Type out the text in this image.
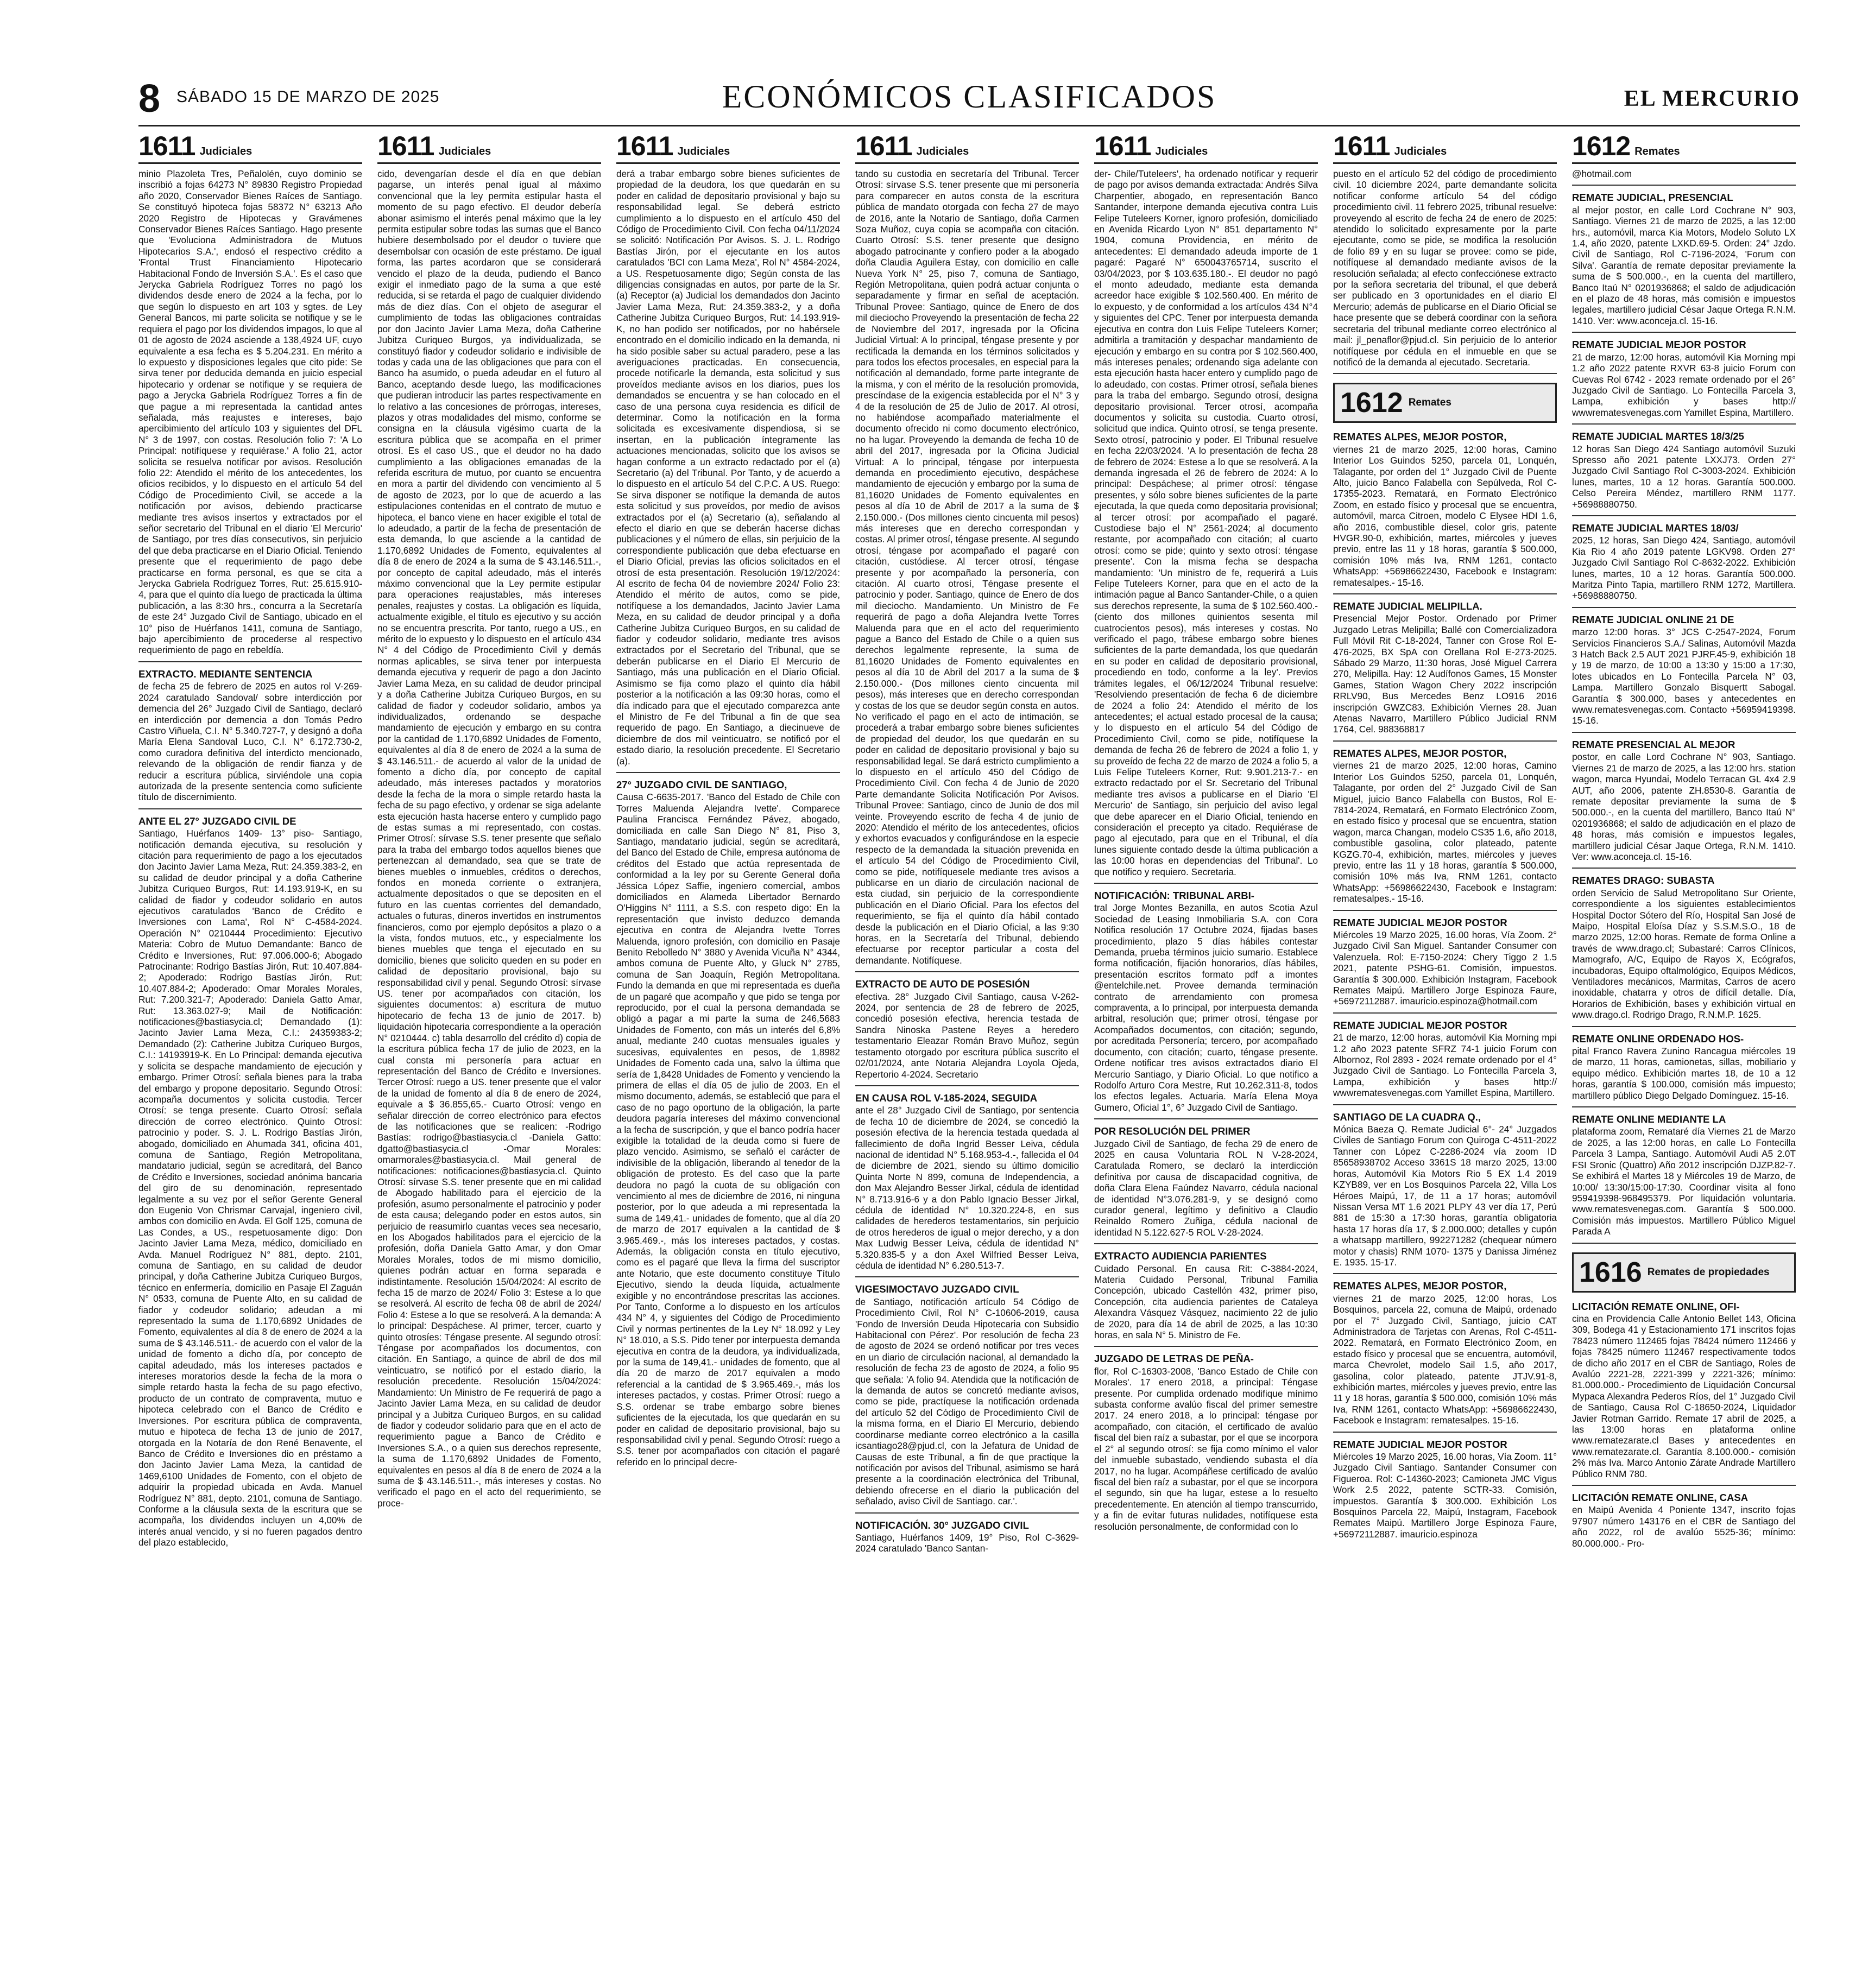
8 SÁBADO 15 DE MARZO DE 2025	ECONÓMICOS CLASIFICADOS	EL MERCURIO
1611 Judiciales
minio Plazoleta Tres, Peñalolén, cuyo dominio se inscribió a fojas 64273 N° 89830 Registro Propiedad año 2020, Conservador Bienes Raíces de Santiago. Se constituyó hipoteca fojas 58372 N° 63213 Año 2020 Registro de Hipotecas y Gravámenes Conservador Bienes Raíces Santiago. Hago presente que 'Evoluciona Administradora de Mutuos Hipotecarios S.A.', endosó el respectivo crédito a 'Frontal Trust Financiamiento Hipotecario Habitacional Fondo de Inversión S.A.'. Es el caso que Jerycka Gabriela Rodríguez Torres no pagó los dividendos desde enero de 2024 a la fecha, por lo que según lo dispuesto en art 103 y sgtes. de Ley General Bancos, mi parte solicita se notifique y se le requiera el pago por los dividendos impagos, lo que al 01 de agosto de 2024 asciende a 138,4924 UF, cuyo equivalente a esa fecha es $ 5.204.231. En mérito a lo expuesto y disposiciones legales que cito pide: Se sirva tener por deducida demanda en juicio especial hipotecario y ordenar se notifique y se requiera de pago a Jerycka Gabriela Rodríguez Torres a fin de que pague a mi representada la cantidad antes señalada, más reajustes e intereses, bajo apercibimiento del artículo 103 y siguientes del DFL N° 3 de 1997, con costas. Resolución folio 7: 'A Lo Principal: notifíquese y requiérase.' A folio 21, actor solicita se resuelva notificar por avisos. Resolución folio 22: Atendido el mérito de los antecedentes, los oficios recibidos, y lo dispuesto en el artículo 54 del Código de Procedimiento Civil, se accede a la notificación por avisos, debiendo practicarse mediante tres avisos insertos y extractados por el señor secretario del Tribunal en el diario 'El Mercurio' de Santiago, por tres días consecutivos, sin perjuicio del que deba practicarse en el Diario Oficial. Teniendo presente que el requerimiento de pago debe practicarse en forma personal, es que se cita a Jerycka Gabriela Rodríguez Torres, Rut: 25.615.910-4, para que el quinto día luego de practicada la última publicación, a las 8:30 hrs., concurra a la Secretaría de este 24° Juzgado Civil de Santiago, ubicado en el 10° piso de Huérfanos 1411, comuna de Santiago, bajo apercibimiento de procederse al respectivo requerimiento de pago en rebeldía.
EXTRACTO. MEDIANTE SENTENCIA
de fecha 25 de febrero de 2025 en autos rol V-269-2024 caratulado Sandoval/ sobre interdicción por demencia del 26° Juzgado Civil de Santiago, declaró en interdicción por demencia a don Tomás Pedro Castro Viñuela, C.I. N° 5.340.727-7, y designó a doña María Elena Sandoval Luco, C.I. N° 6.172.730-2, como curadora definitiva del interdicto mencionado, relevando de la obligación de rendir fianza y de reducir a escritura pública, sirviéndole una copia autorizada de la presente sentencia como suficiente título de discernimiento.
ANTE EL 27° JUZGADO CIVIL DE
Santiago, Huérfanos 1409- 13° piso- Santiago, notificación demanda ejecutiva, su resolución y citación para requerimiento de pago a los ejecutados don Jacinto Javier Lama Meza, Rut: 24.359.383-2, en su calidad de deudor principal y a doña Catherine Jubitza Curiqueo Burgos, Rut: 14.193.919-K, en su calidad de fiador y codeudor solidario en autos ejecutivos caratulados 'Banco de Crédito e Inversiones con Lama', Rol N° C-4584-2024. Operación N° 0210444 Procedimiento: Ejecutivo Materia: Cobro de Mutuo Demandante: Banco de Crédito e Inversiones, Rut: 97.006.000-6; Abogado Patrocinante: Rodrigo Bastías Jirón, Rut: 10.407.884-2; Apoderado: Rodrigo Bastías Jirón, Rut: 10.407.884-2; Apoderado: Omar Morales Morales, Rut: 7.200.321-7; Apoderado: Daniela Gatto Amar, Rut: 13.363.027-9; Mail de Notificación: notificaciones@bastiasycia.cl; Demandado (1): Jacinto Javier Lama Meza, C.I.: 24359383-2; Demandado (2): Catherine Jubitza Curiqueo Burgos, C.I.: 14193919-K. En Lo Principal: demanda ejecutiva y solicita se despache mandamiento de ejecución y embargo. Primer Otrosí: señala bienes para la traba del embargo y propone depositario. Segundo Otrosí: acompaña documentos y solicita custodia. Tercer Otrosí: se tenga presente. Cuarto Otrosí: señala dirección de correo electrónico. Quinto Otrosí: patrocinio y poder. S. J. L. Rodrigo Bastías Jirón, abogado, domiciliado en Ahumada 341, oficina 401, comuna de Santiago, Región Metropolitana, mandatario judicial, según se acreditará, del Banco de Crédito e Inversiones, sociedad anónima bancaria del giro de su denominación, representado legalmente a su vez por el señor Gerente General don Eugenio Von Chrismar Carvajal, ingeniero civil, ambos con domicilio en Avda. El Golf 125, comuna de Las Condes, a US., respetuosamente digo: Don Jacinto Javier Lama Meza, médico, domiciliado en Avda. Manuel Rodríguez N° 881, depto. 2101, comuna de Santiago, en su calidad de deudor principal, y doña Catherine Jubitza Curiqueo Burgos, técnico en enfermería, domicilio en Pasaje El Zaguán N° 0533, comuna de Puente Alto, en su calidad de fiador y codeudor solidario; adeudan a mi representado la suma de 1.170,6892 Unidades de Fomento, equivalentes al día 8 de enero de 2024 a la suma de $ 43.146.511.- de acuerdo con el valor de la unidad de fomento a dicho día, por concepto de capital adeudado, más los intereses pactados e intereses moratorios desde la fecha de la mora o simple retardo hasta la fecha de su pago efectivo, producto de un contrato de compraventa, mutuo e hipoteca celebrado con el Banco de Crédito e Inversiones. Por escritura pública de compraventa, mutuo e hipoteca de fecha 13 de junio de 2017, otorgada en la Notaría de don René Benavente, el Banco de Crédito e Inversiones dio en préstamo a don Jacinto Javier Lama Meza, la cantidad de 1469,6100 Unidades de Fomento, con el objeto de adquirir la propiedad ubicada en Avda. Manuel Rodríguez N° 881, depto. 2101, comuna de Santiago. Conforme a la cláusula sexta de la escritura que se acompaña, los dividendos incluyen un 4,00% de interés anual vencido, y si no fueren pagados dentro del plazo establecido,
1611 Judiciales
cido, devengarían desde el día en que debían pagarse, un interés penal igual al máximo convencional que la ley permita estipular hasta el momento de su pago efectivo. El deudor debería abonar asimismo el interés penal máximo que la ley permita estipular sobre todas las sumas que el Banco hubiere desembolsado por el deudor o tuviere que desembolsar con ocasión de este préstamo. De igual forma, las partes acordaron que se considerará vencido el plazo de la deuda, pudiendo el Banco exigir el inmediato pago de la suma a que esté reducida, si se retarda el pago de cualquier dividendo más de diez días. Con el objeto de asegurar el cumplimiento de todas las obligaciones contraídas por don Jacinto Javier Lama Meza, doña Catherine Jubitza Curiqueo Burgos, ya individualizada, se constituyó fiador y codeudor solidario e indivisible de todas y cada una de las obligaciones que para con el Banco ha asumido, o pueda adeudar en el futuro al Banco, aceptando desde luego, las modificaciones que pudieran introducir las partes respectivamente en lo relativo a las concesiones de prórrogas, intereses, plazos y otras modalidades del mismo, conforme se consigna en la cláusula vigésimo cuarta de la escritura pública que se acompaña en el primer otrosí. Es el caso US., que el deudor no ha dado cumplimiento a las obligaciones emanadas de la referida escritura de mutuo, por cuanto se encuentra en mora a partir del dividendo con vencimiento al 5 de agosto de 2023, por lo que de acuerdo a las estipulaciones contenidas en el contrato de mutuo e hipoteca, el banco viene en hacer exigible el total de lo adeudado, a partir de la fecha de presentación de esta demanda, lo que asciende a la cantidad de 1.170,6892 Unidades de Fomento, equivalentes al día 8 de enero de 2024 a la suma de $ 43.146.511.-, por concepto de capital adeudado, más el interés máximo convencional que la Ley permite estipular para operaciones reajustables, más intereses penales, reajustes y costas. La obligación es líquida, actualmente exigible, el título es ejecutivo y su acción no se encuentra prescrita. Por tanto, ruego a US., en mérito de lo expuesto y lo dispuesto en el artículo 434 N° 4 del Código de Procedimiento Civil y demás normas aplicables, se sirva tener por interpuesta demanda ejecutiva y requerir de pago a don Jacinto Javier Lama Meza, en su calidad de deudor principal y a doña Catherine Jubitza Curiqueo Burgos, en su calidad de fiador y codeudor solidario, ambos ya individualizados, ordenando se despache mandamiento de ejecución y embargo en su contra por la cantidad de 1.170,6892 Unidades de Fomento, equivalentes al día 8 de enero de 2024 a la suma de $ 43.146.511.- de acuerdo al valor de la unidad de fomento a dicho día, por concepto de capital adeudado, más intereses pactados y moratorios desde la fecha de la mora o simple retardo hasta la fecha de su pago efectivo, y ordenar se siga adelante esta ejecución hasta hacerse entero y cumplido pago de estas sumas a mi representado, con costas. Primer Otrosí: sírvase S.S. tener presente que señalo para la traba del embargo todos aquellos bienes que pertenezcan al demandado, sea que se trate de bienes muebles o inmuebles, créditos o derechos, fondos en moneda corriente o extranjera, actualmente depositados o que se depositen en el futuro en las cuentas corrientes del demandado, actuales o futuras, dineros invertidos en instrumentos financieros, como por ejemplo depósitos a plazo o a la vista, fondos mutuos, etc., y especialmente los bienes muebles que tenga el ejecutado en su domicilio, bienes que solicito queden en su poder en calidad de depositario provisional, bajo su responsabilidad civil y penal. Segundo Otrosí: sírvase US. tener por acompañados con citación, los siguientes documentos: a) escritura de mutuo hipotecario de fecha 13 de junio de 2017. b) liquidación hipotecaria correspondiente a la operación N° 0210444. c) tabla desarrollo del crédito d) copia de la escritura pública fecha 17 de julio de 2023, en la cual consta mi personería para actuar en representación del Banco de Crédito e Inversiones. Tercer Otrosí: ruego a US. tener presente que el valor de la unidad de fomento al día 8 de enero de 2024, equivale a $ 36.855,65.- Cuarto Otrosí: vengo en señalar dirección de correo electrónico para efectos de las notificaciones que se realicen: -Rodrigo Bastías: rodrigo@bastiasycia.cl -Daniela Gatto: dgatto@bastiasycia.cl -Omar Morales: omarmorales@bastiasycia.cl. Mail general de notificaciones: notificaciones@bastiasycia.cl. Quinto Otrosí: sírvase S.S. tener presente que en mi calidad de Abogado habilitado para el ejercicio de la profesión, asumo personalmente el patrocinio y poder de esta causa; delegando poder en estos autos, sin perjuicio de reasumirlo cuantas veces sea necesario, en los Abogados habilitados para el ejercicio de la profesión, doña Daniela Gatto Amar, y don Omar Morales Morales, todos de mi mismo domicilio, quienes podrán actuar en forma separada e indistintamente. Resolución 15/04/2024: Al escrito de fecha 15 de marzo de 2024/ Folio 3: Estese a lo que se resolverá. Al escrito de fecha 08 de abril de 2024/ Folio 4: Estese a lo que se resolverá. A la demanda: A lo principal: Despáchese. Al primer, tercer, cuarto y quinto otrosíes: Téngase presente. Al segundo otrosí: Téngase por acompañados los documentos, con citación. En Santiago, a quince de abril de dos mil veinticuatro, se notificó por el estado diario, la resolución precedente. Resolución 15/04/2024: Mandamiento: Un Ministro de Fe requerirá de pago a Jacinto Javier Lama Meza, en su calidad de deudor principal y a Jubitza Curiqueo Burgos, en su calidad de fiador y codeudor solidario para que en el acto de requerimiento pague a Banco de Crédito e Inversiones S.A., o a quien sus derechos represente, la suma de 1.170,6892 Unidades de Fomento, equivalentes en pesos al día 8 de enero de 2024 a la suma de $ 43.146.511.-, más intereses y costas. No verificado el pago en el acto del requerimiento, se proce-
1611 Judiciales
derá a trabar embargo sobre bienes suficientes de propiedad de la deudora, los que quedarán en su poder en calidad de depositario provisional y bajo su responsabilidad legal. Se deberá estricto cumplimiento a lo dispuesto en el artículo 450 del Código de Procedimiento Civil. Con fecha 04/11/2024 se solicitó: Notificación Por Avisos. S. J. L. Rodrigo Bastías Jirón, por el ejecutante en los autos caratulados 'BCI con Lama Meza', Rol N° 4584-2024, a US. Respetuosamente digo; Según consta de las diligencias consignadas en autos, por parte de la Sr. (a) Receptor (a) Judicial los demandados don Jacinto Javier Lama Meza, Rut: 24.359.383-2, y a doña Catherine Jubitza Curiqueo Burgos, Rut: 14.193.919-K, no han podido ser notificados, por no habérsele encontrado en el domicilio indicado en la demanda, ni ha sido posible saber su actual paradero, pese a las averiguaciones practicadas. En consecuencia, procede notificarle la demanda, esta solicitud y sus proveídos mediante avisos en los diarios, pues los demandados se encuentra y se han colocado en el caso de una persona cuya residencia es difícil de determinar. Como la notificación en la forma solicitada es excesivamente dispendiosa, si se insertan, en la publicación íntegramente las actuaciones mencionadas, solicito que los avisos se hagan conforme a un extracto redactado por el (a) Secretario (a) del Tribunal. Por Tanto, y de acuerdo a lo dispuesto en el artículo 54 del C.P.C. A US. Ruego: Se sirva disponer se notifique la demanda de autos esta solicitud y sus proveídos, por medio de avisos extractados por el (a) Secretario (a), señalando al efecto el diario en que se deberán hacerse dichas publicaciones y el número de ellas, sin perjuicio de la correspondiente publicación que deba efectuarse en el Diario Oficial, previas las oficios solicitados en el otrosí de esta presentación. Resolución 19/12/2024: Al escrito de fecha 04 de noviembre 2024/ Folio 23: Atendido el mérito de autos, como se pide, notifíquese a los demandados, Jacinto Javier Lama Meza, en su calidad de deudor principal y a doña Catherine Jubitza Curiqueo Burgos, en su calidad de fiador y codeudor solidario, mediante tres avisos extractados por el Secretario del Tribunal, que se deberán publicarse en el Diario El Mercurio de Santiago, más una publicación en el Diario Oficial. Asimismo se fija como plazo el quinto día hábil posterior a la notificación a las 09:30 horas, como el día indicado para que el ejecutado comparezca ante el Ministro de Fe del Tribunal a fin de que sea requerido de pago. En Santiago, a diecinueve de diciembre de dos mil veinticuatro, se notificó por el estado diario, la resolución precedente. El Secretario (a).
27° JUZGADO CIVIL DE SANTIAGO,
Causa C-6635-2017. 'Banco del Estado de Chile con Torres Maluenda Alejandra Ivette'. Comparece Paulina Francisca Fernández Pávez, abogado, domiciliada en calle San Diego N° 81, Piso 3, Santiago, mandatario judicial, según se acreditará, del Banco del Estado de Chile, empresa autónoma de créditos del Estado que actúa representada de conformidad a la ley por su Gerente General doña Jéssica López Saffie, ingeniero comercial, ambos domiciliados en Alameda Libertador Bernardo O'Higgins N° 1111, a S.S. con respeto digo: En la representación que invisto deduzco demanda ejecutiva en contra de Alejandra Ivette Torres Maluenda, ignoro profesión, con domicilio en Pasaje Benito Rebolledo N° 3880 y Avenida Vicuña N° 4344, ambos comuna de Puente Alto, y Gluck N° 2785, comuna de San Joaquín, Región Metropolitana. Fundo la demanda en que mi representada es dueña de un pagaré que acompaño y que pido se tenga por reproducido, por el cual la persona demandada se obligó a pagar a mi parte la suma de 246,5683 Unidades de Fomento, con más un interés del 6,8% anual, mediante 240 cuotas mensuales iguales y sucesivas, equivalentes en pesos, de 1,8982 Unidades de Fomento cada una, salvo la última que sería de 1,8428 Unidades de Fomento y venciendo la primera de ellas el día 05 de julio de 2003. En el mismo documento, además, se estableció que para el caso de no pago oportuno de la obligación, la parte deudora pagaría intereses del máximo convencional a la fecha de suscripción, y que el banco podría hacer exigible la totalidad de la deuda como si fuere de plazo vencido. Asimismo, se señaló el carácter de indivisible de la obligación, liberando al tenedor de la obligación de protesto. Es del caso que la parte deudora no pagó la cuota de su obligación con vencimiento al mes de diciembre de 2016, ni ninguna posterior, por lo que adeuda a mi representada la suma de 149,41.- unidades de fomento, que al día 20 de marzo de 2017 equivalen a la cantidad de $ 3.965.469.-, más los intereses pactados, y costas. Además, la obligación consta en título ejecutivo, como es el pagaré que lleva la firma del suscriptor ante Notario, que este documento constituye Título Ejecutivo, siendo la deuda líquida, actualmente exigible y no encontrándose prescritas las acciones. Por Tanto, Conforme a lo dispuesto en los artículos 434 N° 4, y siguientes del Código de Procedimiento Civil y normas pertinentes de la Ley N° 18.092 y Ley N° 18.010, a S.S. Pido tener por interpuesta demanda ejecutiva en contra de la deudora, ya individualizada, por la suma de 149,41.- unidades de fomento, que al día 20 de marzo de 2017 equivalen a modo referencial a la cantidad de $ 3.965.469.-, más los intereses pactados, y costas. Primer Otrosí: ruego a S.S. ordenar se trabe embargo sobre bienes suficientes de la ejecutada, los que quedarán en su poder en calidad de depositario provisional, bajo su responsabilidad civil y penal. Segundo Otrosí: ruego a S.S. tener por acompañados con citación el pagaré referido en lo principal decre-
1611 Judiciales
tando su custodia en secretaría del Tribunal. Tercer Otrosí: sírvase S.S. tener presente que mi personería para comparecer en autos consta de la escritura pública de mandato otorgada con fecha 27 de mayo de 2016, ante la Notario de Santiago, doña Carmen Soza Muñoz, cuya copia se acompaña con citación. Cuarto Otrosí: S.S. tener presente que designo abogado patrocinante y confiero poder a la abogado doña Claudia Aguilera Estay, con domicilio en calle Nueva York N° 25, piso 7, comuna de Santiago, Región Metropolitana, quien podrá actuar conjunta o separadamente y firmar en señal de aceptación. Tribunal Provee: Santiago, quince de Enero de dos mil dieciocho Proveyendo la presentación de fecha 22 de Noviembre del 2017, ingresada por la Oficina Judicial Virtual: A lo principal, téngase presente y por rectificada la demanda en los términos solicitados y para todos los efectos procesales, en especial para la notificación al demandado, forme parte integrante de la misma, y con el mérito de la resolución promovida, prescíndase de la exigencia establecida por el N° 3 y 4 de la resolución de 25 de Julio de 2017. Al otrosí, no habiéndose acompañado materialmente el documento ofrecido ni como documento electrónico, no ha lugar. Proveyendo la demanda de fecha 10 de abril del 2017, ingresada por la Oficina Judicial Virtual: A lo principal, téngase por interpuesta demanda en procedimiento ejecutivo, despáchese mandamiento de ejecución y embargo por la suma de 81,16020 Unidades de Fomento equivalentes en pesos al día 10 de Abril de 2017 a la suma de $ 2.150.000.- (Dos millones ciento cincuenta mil pesos) más intereses que en derecho correspondan y costas. Al primer otrosí, téngase presente. Al segundo otrosí, téngase por acompañado el pagaré con citación, custódiese. Al tercer otrosí, téngase presente y por acompañado la personería, con citación. Al cuarto otrosí, Téngase presente el patrocinio y poder. Santiago, quince de Enero de dos mil dieciocho. Mandamiento. Un Ministro de Fe requerirá de pago a doña Alejandra Ivette Torres Maluenda para que en el acto del requerimiento pague a Banco del Estado de Chile o a quien sus derechos legalmente represente, la suma de 81,16020 Unidades de Fomento equivalentes en pesos al día 10 de Abril del 2017 a la suma de $ 2.150.000.- (Dos millones ciento cincuenta mil pesos), más intereses que en derecho correspondan y costas de los que se deudor según consta en autos. No verificado el pago en el acto de intimación, se procederá a trabar embargo sobre bienes suficientes de propiedad del deudor, los que quedarán en su poder en calidad de depositario provisional y bajo su responsabilidad legal. Se dará estricto cumplimiento a lo dispuesto en el artículo 450 del Código de Procedimiento Civil. Con fecha 4 de Junio de 2020 Parte demandante Solicita Notificación Por Avisos. Tribunal Provee: Santiago, cinco de Junio de dos mil veinte. Proveyendo escrito de fecha 4 de junio de 2020: Atendido el mérito de los antecedentes, oficios y exhortos evacuados y configurándose en la especie respecto de la demandada la situación prevenida en el artículo 54 del Código de Procedimiento Civil, como se pide, notifíquesele mediante tres avisos a publicarse en un diario de circulación nacional de esta ciudad, sin perjuicio de la correspondiente publicación en el Diario Oficial. Para los efectos del requerimiento, se fija el quinto día hábil contado desde la publicación en el Diario Oficial, a las 9:30 horas, en la Secretaría del Tribunal, debiendo efectuarse por receptor particular a costa del demandante. Notifíquese.
EXTRACTO DE AUTO DE POSESIÓN
efectiva. 28° Juzgado Civil Santiago, causa V-262-2024, por sentencia de 28 de febrero de 2025, concedió posesión efectiva, herencia testada de Sandra Ninoska Pastene Reyes a heredero testamentario Eleazar Román Bravo Muñoz, según testamento otorgado por escritura pública suscrito el 02/01/2024, ante Notaria Alejandra Loyola Ojeda, Repertorio 4-2024. Secretario
EN CAUSA ROL V-185-2024, SEGUIDA
ante el 28° Juzgado Civil de Santiago, por sentencia de fecha 10 de diciembre de 2024, se concedió la posesión efectiva de la herencia testada quedada al fallecimiento de doña Ingrid Besser Leiva, cédula nacional de identidad N° 5.168.953-4.-, fallecida el 04 de diciembre de 2021, siendo su último domicilio Quinta Norte N 899, comuna de Independencia, a don Max Alejandro Besser Jirkal, cédula de identidad N° 8.713.916-6 y a don Pablo Ignacio Besser Jirkal, cédula de identidad N° 10.320.224-8, en sus calidades de herederos testamentarios, sin perjuicio de otros herederos de igual o mejor derecho, y a don Max Ludwig Besser Leiva, cédula de identidad N° 5.320.835-5 y a don Axel Wilfried Besser Leiva, cédula de identidad N° 6.280.513-7.
VIGESIMOCTAVO JUZGADO CIVIL
de Santiago, notificación artículo 54 Código de Procedimiento Civil, Rol N° C-10606-2019, causa 'Fondo de Inversión Deuda Hipotecaria con Subsidio Habitacional con Pérez'. Por resolución de fecha 23 de agosto de 2024 se ordenó notificar por tres veces en un diario de circulación nacional, al demandado la resolución de fecha 23 de agosto de 2024, a folio 95 que señala: 'A folio 94. Atendida que la notificación de la demanda de autos se concretó mediante avisos, como se pide, practíquese la notificación ordenada del artículo 52 del Código de Procedimiento Civil de la misma forma, en el Diario El Mercurio, debiendo coordinarse mediante correo electrónico a la casilla icsantiago28@pjud.cl, con la Jefatura de Unidad de Causas de este Tribunal, a fin de que practique la notificación por avisos del Tribunal, asimismo se hará presente a la coordinación electrónica del Tribunal, debiendo ofrecerse en el diario la publicación del señalado, aviso Civil de Santiago. car.'.
NOTIFICACIÓN. 30° JUZGADO CIVIL
Santiago, Huérfanos 1409, 19° Piso, Rol C-3629-2024 caratulado 'Banco Santan-
1611 Judiciales
der- Chile/Tuteleers', ha ordenado notificar y requerir de pago por avisos demanda extractada: Andrés Silva Charpentier, abogado, en representación Banco Santander, interpone demanda ejecutiva contra Luis Felipe Tuteleers Korner, ignoro profesión, domiciliado en Avenida Ricardo Lyon N° 851 departamento N° 1904, comuna Providencia, en mérito de antecedentes: El demandado adeuda importe de 1 pagaré: Pagaré N° 650043765714, suscrito el 03/04/2023, por $ 103.635.180.-. El deudor no pagó el monto adeudado, mediante esta demanda acreedor hace exigible $ 102.560.400. En mérito de lo expuesto, y de conformidad a los artículos 434 N°4 y siguientes del CPC. Tener por interpuesta demanda ejecutiva en contra don Luis Felipe Tuteleers Korner; admitirla a tramitación y despachar mandamiento de ejecución y embargo en su contra por $ 102.560.400, más intereses penales; ordenando siga adelante con esta ejecución hasta hacer entero y cumplido pago de lo adeudado, con costas. Primer otrosí, señala bienes para la traba del embargo. Segundo otrosí, designa depositario provisional. Tercer otrosí, acompaña documentos y solicita su custodia. Cuarto otrosí, solicitud que indica. Quinto otrosí, se tenga presente. Sexto otrosí, patrocinio y poder. El Tribunal resuelve en fecha 22/03/2024. 'A lo presentación de fecha 28 de febrero de 2024: Estese a lo que se resolverá. A la demanda ingresada el 26 de febrero de 2024: A lo principal: Despáchese; al primer otrosí: téngase presentes, y sólo sobre bienes suficientes de la parte ejecutada, la que queda como depositaria provisional; al tercer otrosí: por acompañado el pagaré. Custodiese bajo el N° 2561-2024; al documento restante, por acompañado con citación; al cuarto otrosí: como se pide; quinto y sexto otrosí: téngase presente'. Con la misma fecha se despacha mandamiento: 'Un ministro de fe, requerirá a Luis Felipe Tuteleers Korner, para que en el acto de la intimación pague al Banco Santander-Chile, o a quien sus derechos represente, la suma de $ 102.560.400.- (ciento dos millones quinientos sesenta mil cuatrocientos pesos), más intereses y costas. No verificado el pago, trábese embargo sobre bienes suficientes de la parte demandada, los que quedarán en su poder en calidad de depositario provisional, procediendo en todo, conforme a la ley'. Previos trámites legales, el 06/12/2024 Tribunal resuelve: 'Resolviendo presentación de fecha 6 de diciembre de 2024 a folio 24: Atendido el mérito de los antecedentes; el actual estado procesal de la causa; y lo dispuesto en el artículo 54 del Código de Procedimiento Civil, como se pide, notifíquese la demanda de fecha 26 de febrero de 2024 a folio 1, y su proveído de fecha 22 de marzo de 2024 a folio 5, a Luis Felipe Tuteleers Korner, Rut: 9.901.213-7.- en extracto redactado por el Sr. Secretario del Tribunal mediante tres avisos a publicarse en el Diario 'El Mercurio' de Santiago, sin perjuicio del aviso legal que debe aparecer en el Diario Oficial, teniendo en consideración el precepto ya citado. Requiérase de pago al ejecutado, para que en el Tribunal, el día lunes siguiente contado desde la última publicación a las 10:00 horas en dependencias del Tribunal'. Lo que notifico y requiero. Secretaria.
NOTIFICACIÓN: TRIBUNAL ARBI-
tral Jorge Montes Bezanilla, en autos Scotia Azul Sociedad de Leasing Inmobiliaria S.A. con Cora Notifica resolución 17 Octubre 2024, fijadas bases procedimiento, plazo 5 días hábiles contestar Demanda, prueba términos juicio sumario. Establece forma notificación, fijación honorarios, días hábiles, presentación escritos formato pdf a imontes @entelchile.net. Provee demanda terminación contrato de arrendamiento con promesa compraventa, a lo principal, por interpuesta demanda arbitral, resolución que; primer otrosí, téngase por Acompañados documentos, con citación; segundo, por acreditada Personería; tercero, por acompañado documento, con citación; cuarto, téngase presente. Ordene notificar tres avisos extractados diario El Mercurio Santiago, y Diario Oficial. Lo que notifico a Rodolfo Arturo Cora Mestre, Rut 10.262.311-8, todos los efectos legales. Actuaria. María Elena Moya Gumero, Oficial 1°, 6° Juzgado Civil de Santiago.
POR RESOLUCIÓN DEL PRIMER
Juzgado Civil de Santiago, de fecha 29 de enero de 2025 en causa Voluntaria ROL N V-28-2024, Caratulada Romero, se declaró la interdicción definitiva por causa de discapacidad cognitiva, de doña Clara Elena Faúndez Navarro, cédula nacional de identidad N°3.076.281-9, y se designó como curador general, legítimo y definitivo a Claudio Reinaldo Romero Zuñiga, cédula nacional de identidad N 5.122.627-5 ROL V-28-2024.
EXTRACTO AUDIENCIA PARIENTES
Cuidado Personal. En causa Rit: C-3884-2024, Materia Cuidado Personal, Tribunal Familia Concepción, ubicado Castellón 432, primer piso, Concepción, cita audiencia parientes de Cataleya Alexandra Vásquez Vásquez, nacimiento 22 de julio de 2020, para día 14 de abril de 2025, a las 10:30 horas, en sala N° 5. Ministro de Fe.
JUZGADO DE LETRAS DE PEÑA-
flor, Rol C-16303-2008, 'Banco Estado de Chile con Morales'. 17 enero 2018, a principal: Téngase presente. Por cumplida ordenado modifique mínimo subasta conforme avalúo fiscal del primer semestre 2017. 24 enero 2018, a lo principal: téngase por acompañado, con citación, el certificado de avalúo fiscal del bien raíz a subastar, por el que se incorpora el 2° al segundo otrosí: se fija como mínimo el valor del inmueble subastado, vendiendo subasta el día 2017, no ha lugar. Acompáñese certificado de avalúo fiscal del bien raíz a subastar, por el que se incorpora el segundo, sin que ha lugar, estese a lo resuelto precedentemente. En atención al tiempo transcurrido, y a fin de evitar futuras nulidades, notifíquese esta resolución personalmente, de conformidad con lo
1611 Judiciales
puesto en el artículo 52 del código de procedimiento civil. 10 diciembre 2024, parte demandante solicita notificar conforme artículo 54 del código procedimiento civil. 11 febrero 2025, tribunal resuelve: proveyendo al escrito de fecha 24 de enero de 2025: atendido lo solicitado expresamente por la parte ejecutante, como se pide, se modifica la resolución de folio 89 y en su lugar se provee: como se pide, notifíquese al demandado mediante avisos de la resolución señalada; al efecto confecciónese extracto por la señora secretaria del tribunal, el que deberá ser publicado en 3 oportunidades en el diario El Mercurio; además de publicarse en el Diario Oficial se hace presente que se deberá coordinar con la señora secretaria del tribunal mediante correo electrónico al mail: jl_penaflor@pjud.cl. Sin perjuicio de lo anterior notifíquese por cédula en el inmueble en que se notificó de la demanda al ejecutado. Secretaria.
1612 Remates
REMATES ALPES, MEJOR POSTOR,
viernes 21 de marzo 2025, 12:00 horas, Camino Interior Los Guindos 5250, parcela 01, Lonquén, Talagante, por orden del 1° Juzgado Civil de Puente Alto, juicio Banco Falabella con Sepúlveda, Rol C-17355-2023. Rematará, en Formato Electrónico Zoom, en estado físico y procesal que se encuentra, automóvil, marca Citroen, modelo C Elysee HDI 1.6, año 2016, combustible diesel, color gris, patente HVGR.90-0, exhibición, martes, miércoles y jueves previo, entre las 11 y 18 horas, garantía $ 500.000, comisión 10% más Iva, RNM 1261, contacto WhatsApp: +56986622430, Facebook e Instagram: rematesalpes.- 15-16.
REMATE JUDICIAL MELIPILLA.
Presencial Mejor Postor. Ordenado por Primer Juzgado Letras Melipilla; Ballé con Comercializadora Full Móvil Rit C-18-2024, Tanner con Grose Rol E-476-2025, BX SpA con Orellana Rol E-273-2025. Sábado 29 Marzo, 11:30 horas, José Miguel Carrera 270, Melipilla. Hay: 12 Audífonos Games, 15 Monster Games, Station Wagon Chery 2022 inscripción RRLV90, Bus Mercedes Benz LO916 2016 inscripción GWZC83. Exhibición Viernes 28. Juan Atenas Navarro, Martillero Público Judicial RNM 1764, Cel. 988368817
REMATES ALPES, MEJOR POSTOR,
viernes 21 de marzo 2025, 12:00 horas, Camino Interior Los Guindos 5250, parcela 01, Lonquén, Talagante, por orden del 2° Juzgado Civil de San Miguel, juicio Banco Falabella con Bustos, Rol E-7814-2024, Rematará, en Formato Electrónico Zoom, en estado físico y procesal que se encuentra, station wagon, marca Changan, modelo CS35 1.6, año 2018, combustible gasolina, color plateado, patente KGZG.70-4, exhibición, martes, miércoles y jueves previo, entre las 11 y 18 horas, garantía $ 500.000, comisión 10% más Iva, RNM 1261, contacto WhatsApp: +56986622430, Facebook e Instagram: rematesalpes.- 15-16.
REMATE JUDICIAL MEJOR POSTOR
Miércoles 19 Marzo 2025, 16.00 horas, Vía Zoom. 2° Juzgado Civil San Miguel. Santander Consumer con Valenzuela. Rol: E-7150-2024: Chery Tiggo 2 1.5 2021, patente PSHG-61. Comisión, impuestos. Garantía $ 300.000. Exhibición Instagram, Facebook Remates Maipú. Martillero Jorge Espinoza Faure, +56972112887. imauricio.espinoza@hotmail.com
REMATE JUDICIAL MEJOR POSTOR
21 de marzo, 12:00 horas, automóvil Kia Morning mpi 1.2 año 2023 patente SFRZ 74-1 juicio Forum con Albornoz, Rol 2893 - 2024 remate ordenado por el 4° Juzgado Civil de Santiago. Lo Fontecilla Parcela 3, Lampa, exhibición y bases http:// wwwrematesvenegas.com Yamillet Espina, Martillero.
SANTIAGO DE LA CUADRA Q.,
Mónica Baeza Q. Remate Judicial 6°- 24° Juzgados Civiles de Santiago Forum con Quiroga C-4511-2022 Tanner con López C-2286-2024 vía zoom ID 85658938702 Acceso 3361S 18 marzo 2025, 13:00 horas, Automóvil Kia Motors Rio 5 EX 1.4 2019 KZYB89, ver en Los Bosquinos Parcela 22, Villa Los Héroes Maipú, 17, de 11 a 17 horas; automóvil Nissan Versa MT 1.6 2021 PLPY 43 ver día 17, Perú 881 de 15:30 a 17:30 horas, garantía obligatoria hasta 17 horas día 17, $ 2.000.000; detalles y cupón a whatsapp martillero, 992271282 (chequear número motor y chasis) RNM 1070- 1375 y Danissa Jiménez E. 1935. 15-17.
REMATES ALPES, MEJOR POSTOR,
viernes 21 de marzo 2025, 12:00 horas, Los Bosquinos, parcela 22, comuna de Maipú, ordenado por el 7° Juzgado Civil, Santiago, juicio CAT Administradora de Tarjetas con Arenas, Rol C-4511-2022. Rematará, en Formato Electrónico Zoom, en estado físico y procesal que se encuentra, automóvil, marca Chevrolet, modelo Sail 1.5, año 2017, gasolina, color plateado, patente JTJV.91-8, exhibición martes, miércoles y jueves previo, entre las 11 y 18 horas, garantía $ 500.000, comisión 10% más Iva, RNM 1261, contacto WhatsApp: +56986622430, Facebook e Instagram: rematesalpes. 15-16.
REMATE JUDICIAL MEJOR POSTOR
Miércoles 19 Marzo 2025, 16.00 horas, Vía Zoom. 11° Juzgado Civil Santiago. Santander Consumer con Figueroa. Rol: C-14360-2023; Camioneta JMC Vigus Work 2.5 2022, patente SCTR-33. Comisión, impuestos. Garantía $ 300.000. Exhibición Los Bosquinos Parcela 22, Maipú, Instagram, Facebook Remates Maipú. Martillero Jorge Espinoza Faure, +56972112887. imauricio.espinoza
1612 Remates
@hotmail.com
REMATE JUDICIAL, PRESENCIAL
al mejor postor, en calle Lord Cochrane N° 903, Santiago. Viernes 21 de marzo de 2025, a las 12:00 hrs., automóvil, marca Kia Motors, Modelo Soluto LX 1.4, año 2020, patente LXKD.69-5. Orden: 24° Jzdo. Civil de Santiago, Rol C-7196-2024, 'Forum con Silva'. Garantía de remate depositar previamente la suma de $ 500.000.-, en la cuenta del martillero, Banco Itaú N° 0201936868; el saldo de adjudicación en el plazo de 48 horas, más comisión e impuestos legales, martillero judicial César Jaque Ortega R.N.M. 1410. Ver: www.aconceja.cl. 15-16.
REMATE JUDICIAL MEJOR POSTOR
21 de marzo, 12:00 horas, automóvil Kia Morning mpi 1.2 año 2022 patente RXVR 63-8 juicio Forum con Cuevas Rol 6742 - 2023 remate ordenado por el 26° Juzgado Civil de Santiago. Lo Fontecilla Parcela 3, Lampa, exhibición y bases http:// wwwrematesvenegas.com Yamillet Espina, Martillero.
REMATE JUDICIAL MARTES 18/3/25
12 horas San Diego 424 Santiago automóvil Suzuki Spresso año 2021 patente LXXJ73. Orden 27° Juzgado Civil Santiago Rol C-3003-2024. Exhibición lunes, martes, 10 a 12 horas. Garantía 500.000. Celso Pereira Méndez, martillero RNM 1177. +56988880750.
REMATE JUDICIAL MARTES 18/03/
2025, 12 horas, San Diego 424, Santiago, automóvil Kia Rio 4 año 2019 patente LGKV98. Orden 27° Juzgado Civil Santiago Rol C-8632-2022. Exhibición lunes, martes, 10 a 12 horas. Garantía 500.000. Maritza Pinto Tapia, martillero RNM 1272, Martillera. +56988880750.
REMATE JUDICIAL ONLINE 21 DE
marzo 12:00 horas. 3° JCS C-2547-2024, Forum Servicios Financieros S.A./ Salinas, Automóvil Mazda 3 Hatch Back 2.5 AUT 2021 PJRF.45-9, exhibición 18 y 19 de marzo, de 10:00 a 13:30 y 15:00 a 17:30, lotes ubicados en Lo Fontecilla Parcela N° 03, Lampa. Martillero Gonzalo Bisquertt Sabogal. Garantía $ 300.000, bases y antecedentes en www.rematesvenegas.com. Contacto +56959419398. 15-16.
REMATE PRESENCIAL AL MEJOR
postor, en calle Lord Cochrane N° 903, Santiago. Viernes 21 de marzo de 2025, a las 12:00 hrs. station wagon, marca Hyundai, Modelo Terracan GL 4x4 2.9 AUT, año 2006, patente ZH.8530-8. Garantía de remate depositar previamente la suma de $ 500.000.-, en la cuenta del martillero, Banco Itaú N° 0201936868; el saldo de adjudicación en el plazo de 48 horas, más comisión e impuestos legales, martillero judicial César Jaque Ortega, R.N.M. 1410. Ver: www.aconceja.cl. 15-16.
REMATES DRAGO: SUBASTA
orden Servicio de Salud Metropolitano Sur Oriente, correspondiente a los siguientes establecimientos Hospital Doctor Sótero del Río, Hospital San José de Maipo, Hospital Eloísa Díaz y S.S.M.S.O., 18 de marzo 2025, 12:00 horas. Remate de forma Online a través de www.drago.cl; Subastaré: Carros Clínicos, Mamografo, A/C, Equipo de Rayos X, Ecógrafos, incubadoras, Equipo oftalmológico, Equipos Médicos, Ventiladores mecánicos, Marmitas, Carros de acero inoxidable, chatarra y otros de difícil detalle. Día, Horarios de Exhibición, bases y exhibición virtual en www.drago.cl. Rodrigo Drago, R.N.M.P. 1625.
REMATE ONLINE ORDENADO HOS-
pital Franco Ravera Zunino Rancagua miércoles 19 de marzo, 11 horas, camionetas, sillas, mobiliario y equipo médico. Exhibición martes 18, de 10 a 12 horas, garantía $ 100.000, comisión más impuesto; martillero público Diego Delgado Domínguez. 15-16.
REMATE ONLINE MEDIANTE LA
plataforma zoom, Remataré día Viernes 21 de Marzo de 2025, a las 12:00 horas, en calle Lo Fontecilla Parcela 3 Lampa, Santiago. Automóvil Audi A5 2.0T FSI Sronic (Quattro) Año 2012 inscripción DJZP.82-7. Se exhibirá el Martes 18 y Miércoles 19 de Marzo, de 10:00/ 13:30/15:00-17:30. Coordinar visita al fono 959419398-968495379. Por liquidación voluntaria. www.rematesvenegas.com. Garantía $ 500.000. Comisión más impuestos. Martillero Público Miguel Parada A
1616 Remates de propiedades
LICITACIÓN REMATE ONLINE, OFI-
cina en Providencia Calle Antonio Bellet 143, Oficina 309, Bodega 41 y Estacionamiento 171 inscritos fojas 78423 número 112465 fojas 78424 número 112466 y fojas 78425 número 112467 respectivamente todos de dicho año 2017 en el CBR de Santiago, Roles de Avalúo 2221-28, 2221-399 y 2221-326; mínimo: 81.000.000.- Procedimiento de Liquidación Concursal Mypaca Alexandra Pederos Ríos, del 1° Juzgado Civil de Santiago, Causa Rol C-18650-2024, Liquidador Javier Rotman Garrido. Remate 17 abril de 2025, a las 13:00 horas en plataforma online www.rematezarate.cl Bases y antecedentes en www.rematezarate.cl. Garantía 8.100.000.- comisión 2% más Iva. Marco Antonio Zárate Andrade Martillero Público RNM 780.
LICITACIÓN REMATE ONLINE, CASA
en Maipú Avenida 4 Poniente 1347, inscrito fojas 97907 número 143176 en el CBR de Santiago del año 2022, rol de avalúo 5525-36; mínimo: 80.000.000.- Pro-
